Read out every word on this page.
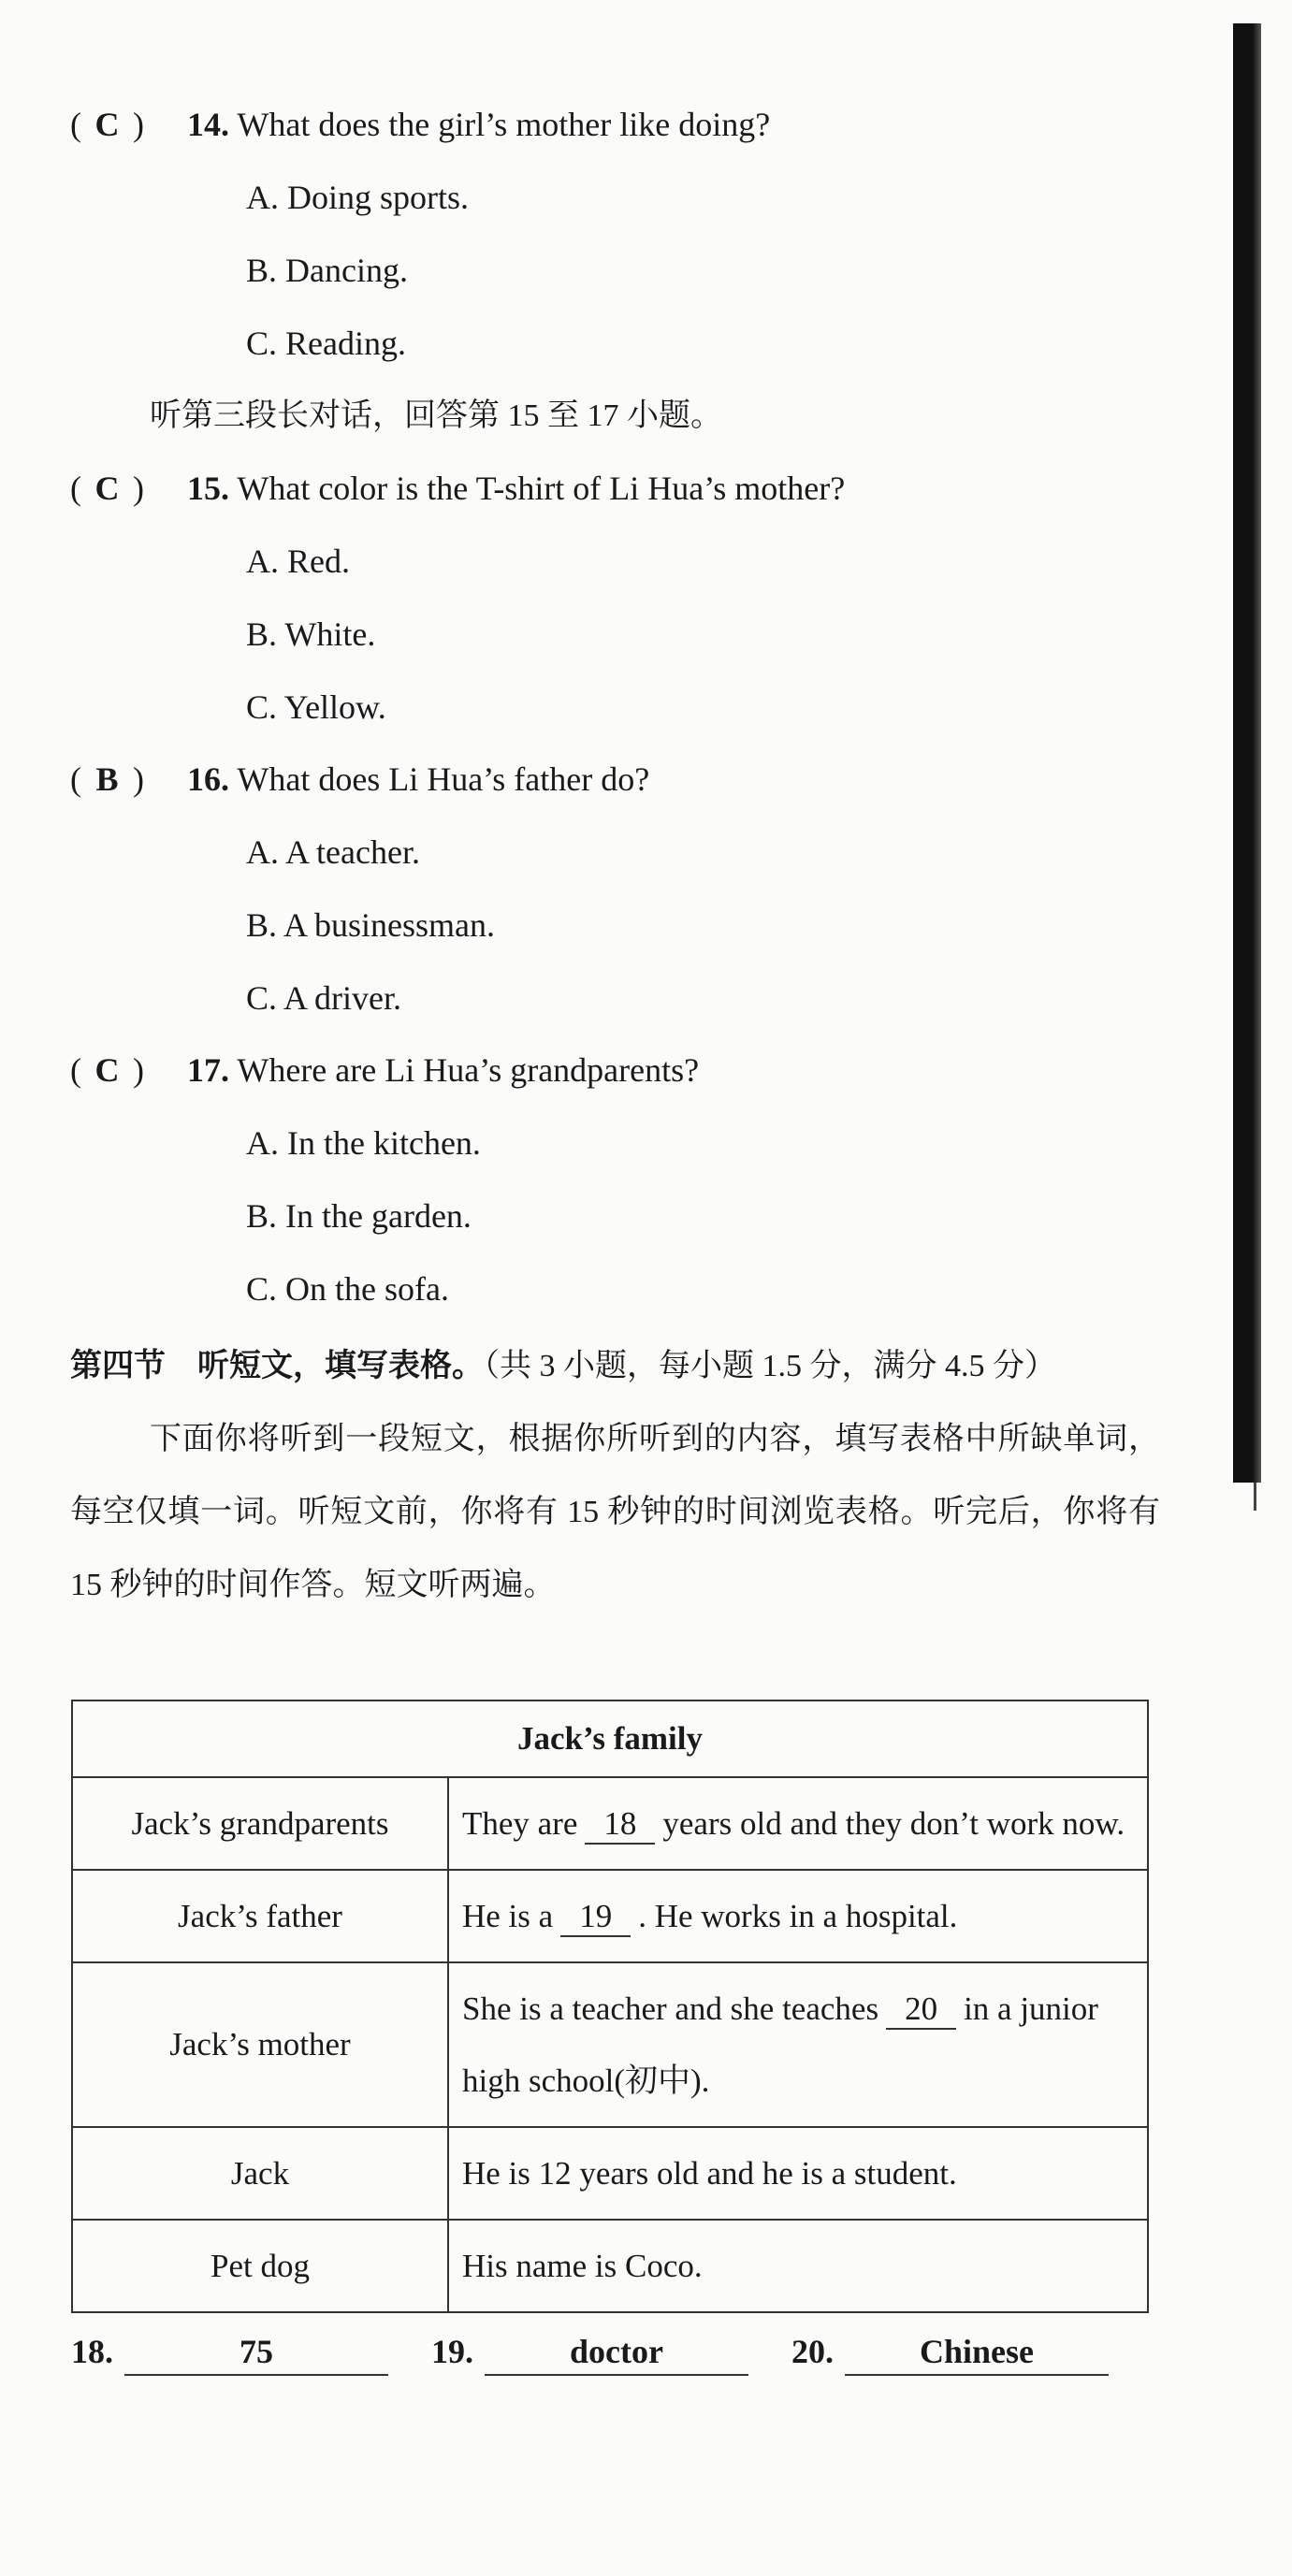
( C ) 14. What does the girl’s mother like doing?
A. Doing sports.
B. Dancing.
C. Reading.
听第三段长对话，回答第 15 至 17 小题。
( C ) 15. What color is the T-shirt of Li Hua’s mother?
A. Red.
B. White.
C. Yellow.
( B ) 16. What does Li Hua’s father do?
A. A teacher.
B. A businessman.
C. A driver.
( C ) 17. Where are Li Hua’s grandparents?
A. In the kitchen.
B. In the garden.
C. On the sofa.
第四节　听短文，填写表格。（共 3 小题，每小题 1.5 分，满分 4.5 分）
下面你将听到一段短文，根据你所听到的内容，填写表格中所缺单词，每空仅填一词。听短文前，你将有 15 秒钟的时间浏览表格。听完后，你将有 15 秒钟的时间作答。短文听两遍。
Jack’s family	
Jack’s grandparents	They are 18 years old and they don’t work now.
Jack’s father	He is a 19 . He works in a hospital.
Jack’s mother	She is a teacher and she teaches 20 in a junior high school(初中).
Jack	He is 12 years old and he is a student.
Pet dog	His name is Coco.
18.	75	19.	doctor	20.	Chinese
